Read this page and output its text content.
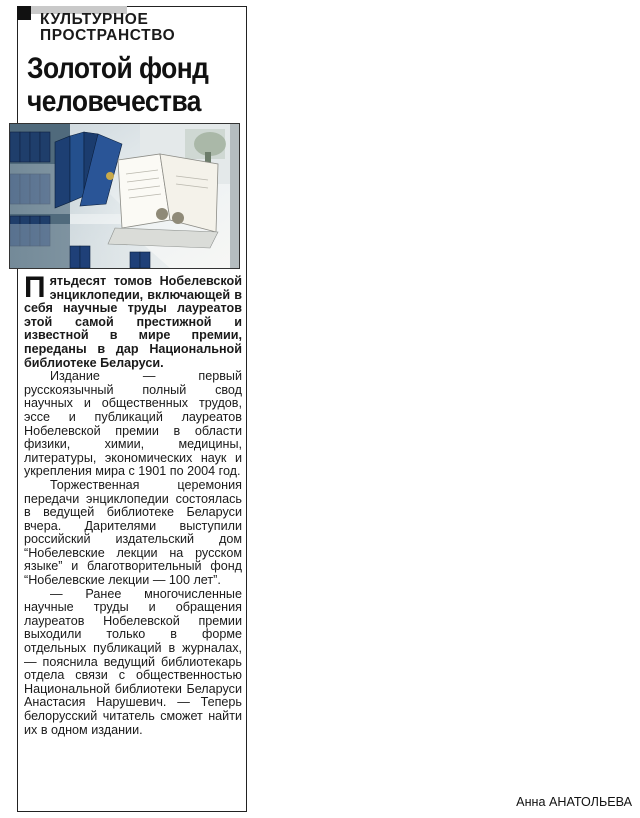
КУЛЬТУРНОЕ
ПРОСТРАНСТВО
Золотой фонд
человечества

Пятьдесят томов Нобелевской энциклопедии, включающей в себя научные труды лауреатов этой самой престижной и известной в мире премии, переданы в дар Национальной библиотеке Беларуси.

Издание — первый русскоязычный полный свод научных и общественных трудов, эссе и публикаций лауреатов Нобелевской премии в области физики, химии, медицины, литературы, экономических наук и укрепления мира с 1901 по 2004 год.

Торжественная церемония передачи энциклопедии состоялась в ведущей библиотеке Беларуси вчера. Дарителями выступили российский издательский дом “Нобелевские лекции на русском языке” и благотворительный фонд “Нобелевские лекции — 100 лет”.

— Ранее многочисленные научные труды и обращения лауреатов Нобелевской премии выходили только в форме отдельных публикаций в журналах, — пояснила ведущий библиотекарь отдела связи с общественностью Национальной библиотеки Беларуси Анастасия Нарушевич. — Теперь белорусский читатель сможет найти их в одном издании.

Анна АНАТОЛЬЕВА
